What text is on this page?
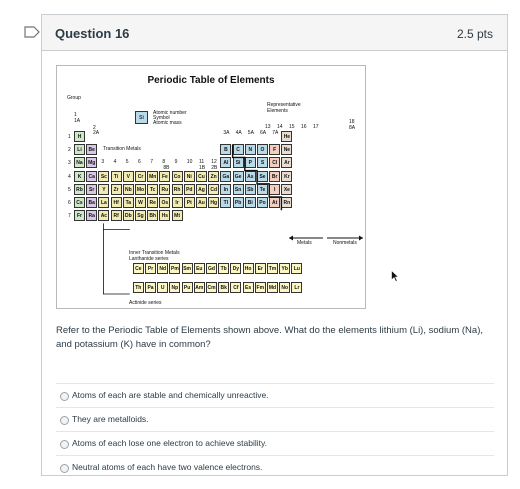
Question 16	2.5 pts
Periodic Table of Elements
Group
Si
Atomic number
Symbol
Atomic mass
Representative Elements
Transition Metals
Inner Transition Metals
Lanthanide series
Actinide series
Metals	Nonmetals
H	He
Li	Be	B	C	N	O	F	Ne
Na	Mg	Al	Si	P	S	Cl	Ar
K	Ca	Sc	Ti	V	Cr	Mn	Fe	Co	Ni	Cu	Zn	Ga	Ge	As	Se	Br	Kr
Rb	Sr	Y	Zr	Nb	Mo	Tc	Ru	Rh	Pd	Ag	Cd	In	Sn	Sb	Te	I	Xe
Cs	Ba	La	Hf	Ta	W	Re	Os	Ir	Pt	Au	Hg	Tl	Pb	Bi	Po	At	Rn
Fr	Ra	Ac	Rf	Db	Sg	Bh	Hs	Mt
1
2
3
4
5
6
7
1
1A	18
8A
2
2A
13 14 15 16 17
3 4 5 6 7 8 9 10 11 12
3A 4A 5A 6A 7A
8B	1B 2B
Ce	Pr	Nd Pm Sm	Eu	Gd	Tb	Dy	Ho	Er	Tm	Yb	Lu
Th	Pa	U	Np	Pu Am Cm Bk	Cf	Es	Fm Md	No	Lr
Refer to the Periodic Table of Elements shown above. What do the elements lithium (Li), sodium (Na), and potassium (K) have in common?
Atoms of each are stable and chemically unreactive.
They are metalloids.
Atoms of each lose one electron to achieve stability.
Neutral atoms of each have two valence electrons.
